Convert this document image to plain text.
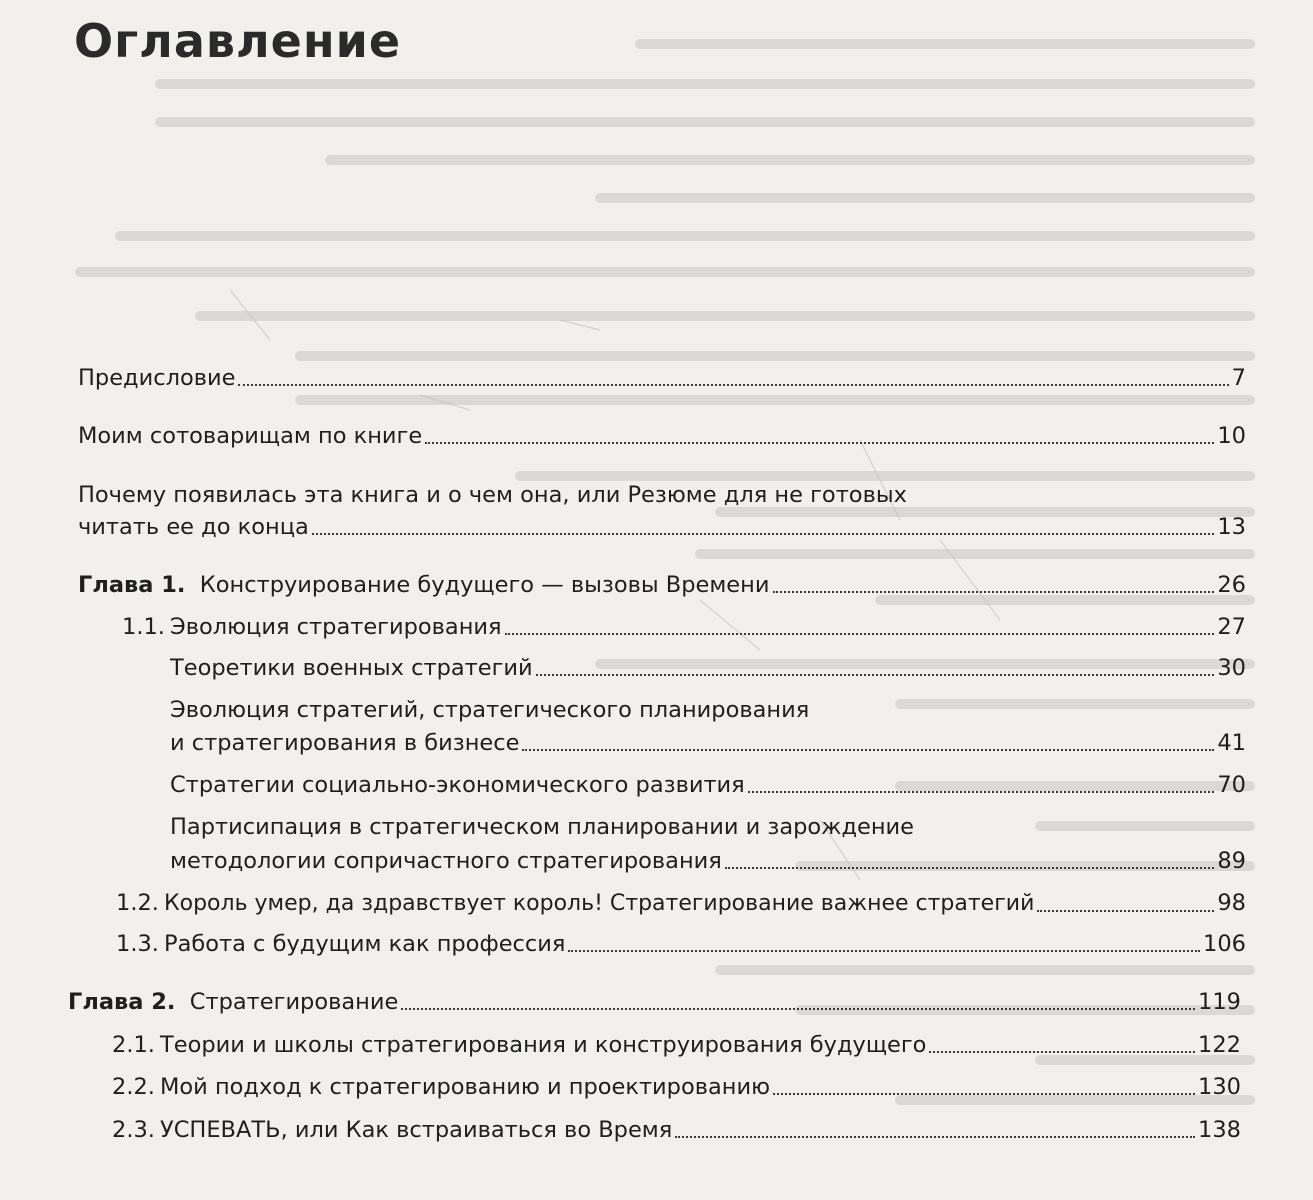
Оглавление
Предисловие	7
Моим сотоварищам по книге	10
Почему появилась эта книга и о чем она, или Резюме для не готовых
читать ее до конца	13
Глава 1.
Конструирование будущего — вызовы Времени	26
1.1. Эволюция стратегирования	27
Теоретики военных стратегий	30
Эволюция стратегий, стратегического планирования
и стратегирования в бизнесе	41
Стратегии социально-экономического развития	70
Партисипация в стратегическом планировании и зарождение
методологии сопричастного стратегирования	89
1.2. Король умер, да здравствует король! Стратегирование важнее стратегий	98
1.3. Работа с будущим как профессия	106
Глава 2.
Стратегирование	119
2.1. Теории и школы стратегирования и конструирования будущего	122
2.2. Мой подход к стратегированию и проектированию	130
2.3. УСПЕВАТЬ, или Как встраиваться во Время	138
